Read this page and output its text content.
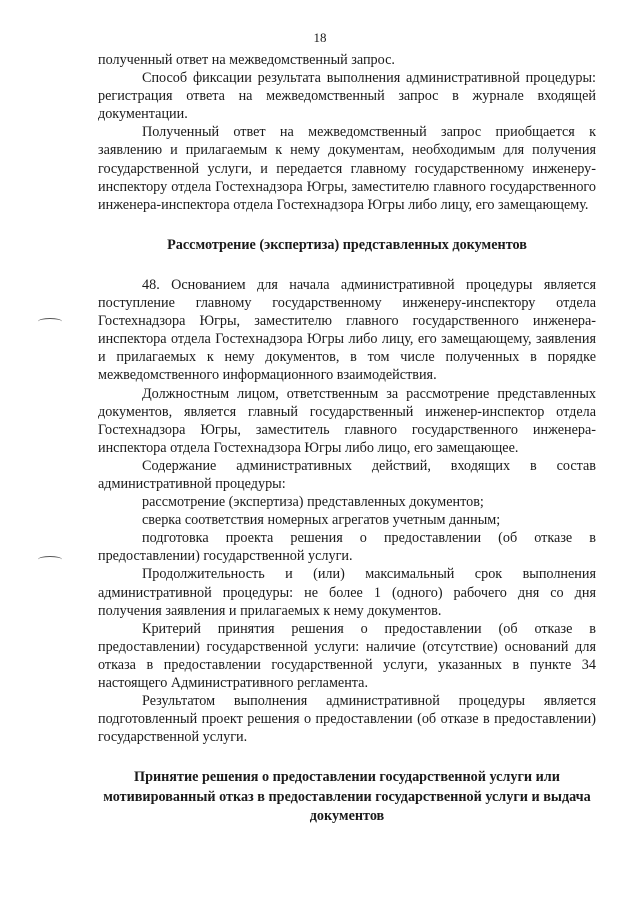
18

полученный ответ на межведомственный запрос.

Способ фиксации результата выполнения административной процедуры: регистрация ответа на межведомственный запрос в журнале входящей документации.

Полученный ответ на межведомственный запрос приобщается к заявлению и прилагаемым к нему документам, необходимым для получения государственной услуги, и передается главному государственному инженеру-инспектору отдела Гостехнадзора Югры, заместителю главного государственного инженера-инспектора отдела Гостехнадзора Югры либо лицу, его замещающему.

Рассмотрение (экспертиза) представленных документов

48. Основанием для начала административной процедуры является поступление главному государственному инженеру-инспектору отдела Гостехнадзора Югры, заместителю главного государственного инженера-инспектора отдела Гостехнадзора Югры либо лицу, его замещающему, заявления и прилагаемых к нему документов, в том числе полученных в порядке межведомственного информационного взаимодействия.

Должностным лицом, ответственным за рассмотрение представленных документов, является главный государственный инженер-инспектор отдела Гостехнадзора Югры, заместитель главного государственного инженера-инспектора отдела Гостехнадзора Югры либо лицо, его замещающее.

Содержание административных действий, входящих в состав административной процедуры:

рассмотрение (экспертиза) представленных документов;

сверка соответствия номерных агрегатов учетным данным;

подготовка проекта решения о предоставлении (об отказе в предоставлении) государственной услуги.

Продолжительность и (или) максимальный срок выполнения административной процедуры: не более 1 (одного) рабочего дня со дня получения заявления и прилагаемых к нему документов.

Критерий принятия решения о предоставлении (об отказе в предоставлении) государственной услуги: наличие (отсутствие) оснований для отказа в предоставлении государственной услуги, указанных в пункте 34 настоящего Административного регламента.

Результатом выполнения административной процедуры является подготовленный проект решения о предоставлении (об отказе в предоставлении) государственной услуги.

Принятие решения о предоставлении государственной услуги или мотивированный отказ в предоставлении государственной услуги и выдача документов
